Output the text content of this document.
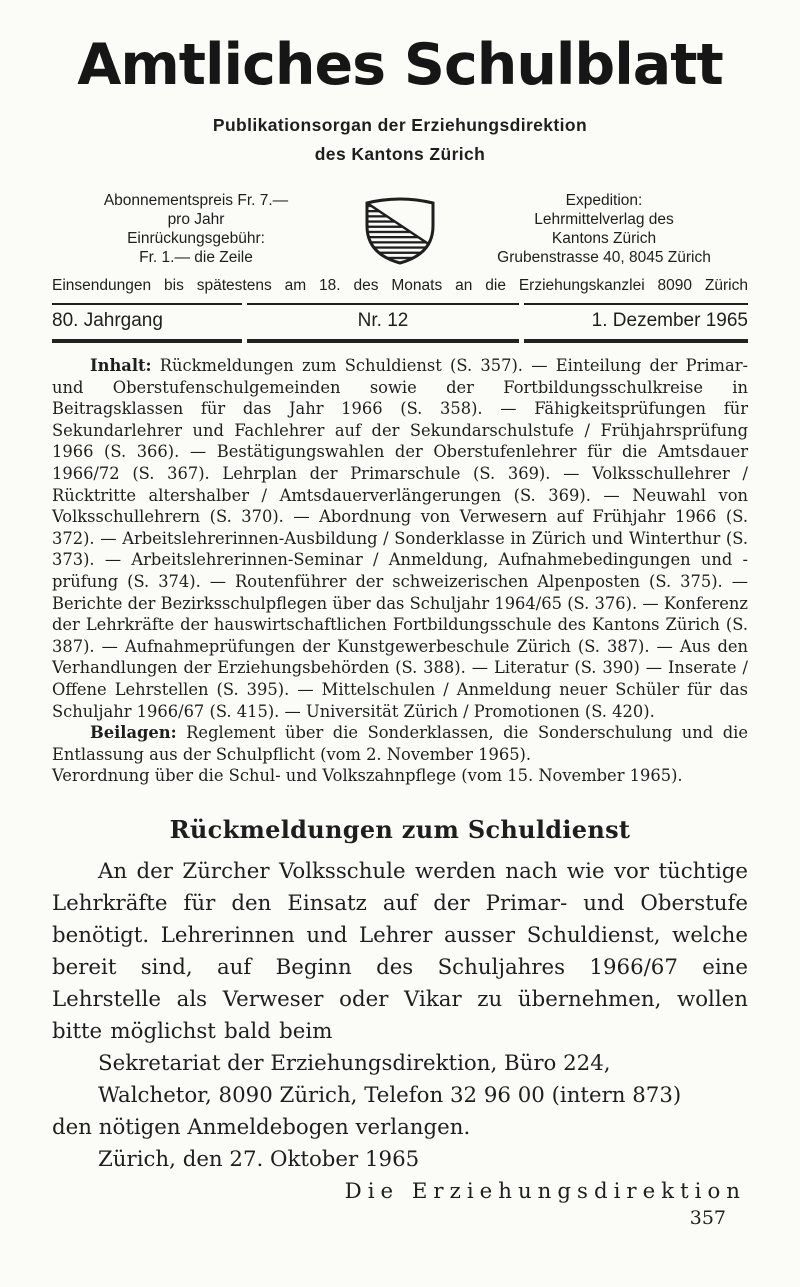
Amtliches Schulblatt
Publikationsorgan der Erziehungsdirektion
des Kantons Zürich
Abonnementspreis Fr. 7.—
pro Jahr
Einrückungsgebühr:
Fr. 1.— die Zeile
Expedition:
Lehrmittelverlag des
Kantons Zürich
Grubenstrasse 40, 8045 Zürich
Einsendungen bis spätestens am 18. des Monats an die Erziehungskanzlei 8090 Zürich
80. Jahrgang	Nr. 12	1. Dezember 1965

Inhalt: Rückmeldungen zum Schuldienst (S. 357). — Einteilung der Primar- und Oberstufenschulgemeinden sowie der Fortbildungsschulkreise in Beitragsklassen für das Jahr 1966 (S. 358). — Fähigkeitsprüfungen für Sekundarlehrer und Fachlehrer auf der Sekundarschulstufe / Frühjahrsprüfung 1966 (S. 366). — Bestätigungswahlen der Oberstufenlehrer für die Amtsdauer 1966/72 (S. 367). Lehrplan der Primarschule (S. 369). — Volksschullehrer / Rücktritte altershalber / Amtsdauerverlängerungen (S. 369). — Neuwahl von Volksschullehrern (S. 370). — Abordnung von Verwesern auf Frühjahr 1966 (S. 372). — Arbeitslehrerinnen-Ausbildung / Sonderklasse in Zürich und Winterthur (S. 373). — Arbeitslehrerinnen-Seminar / Anmeldung, Aufnahmebedingungen und -prüfung (S. 374). — Routenführer der schweizerischen Alpenposten (S. 375). — Berichte der Bezirksschulpflegen über das Schuljahr 1964/65 (S. 376). — Konferenz der Lehrkräfte der hauswirtschaftlichen Fortbildungsschule des Kantons Zürich (S. 387). — Aufnahmeprüfungen der Kunstgewerbeschule Zürich (S. 387). — Aus den Verhandlungen der Erziehungsbehörden (S. 388). — Literatur (S. 390) — Inserate / Offene Lehrstellen (S. 395). — Mittelschulen / Anmeldung neuer Schüler für das Schuljahr 1966/67 (S. 415). — Universität Zürich / Promotionen (S. 420).

Beilagen: Reglement über die Sonderklassen, die Sonderschulung und die Entlassung aus der Schulpflicht (vom 2. November 1965).

Verordnung über die Schul- und Volkszahnpflege (vom 15. November 1965).

Rückmeldungen zum Schuldienst

An der Zürcher Volksschule werden nach wie vor tüchtige Lehrkräfte für den Einsatz auf der Primar- und Oberstufe benötigt. Lehrerinnen und Lehrer ausser Schuldienst, welche bereit sind, auf Beginn des Schuljahres 1966/67 eine Lehrstelle als Verweser oder Vikar zu übernehmen, wollen bitte möglichst bald beim

Sekretariat der Erziehungsdirektion, Büro 224,
Walchetor, 8090 Zürich, Telefon 32 96 00 (intern 873)
den nötigen Anmeldebogen verlangen.
Zürich, den 27. Oktober 1965
Die Erziehungsdirektion
357
